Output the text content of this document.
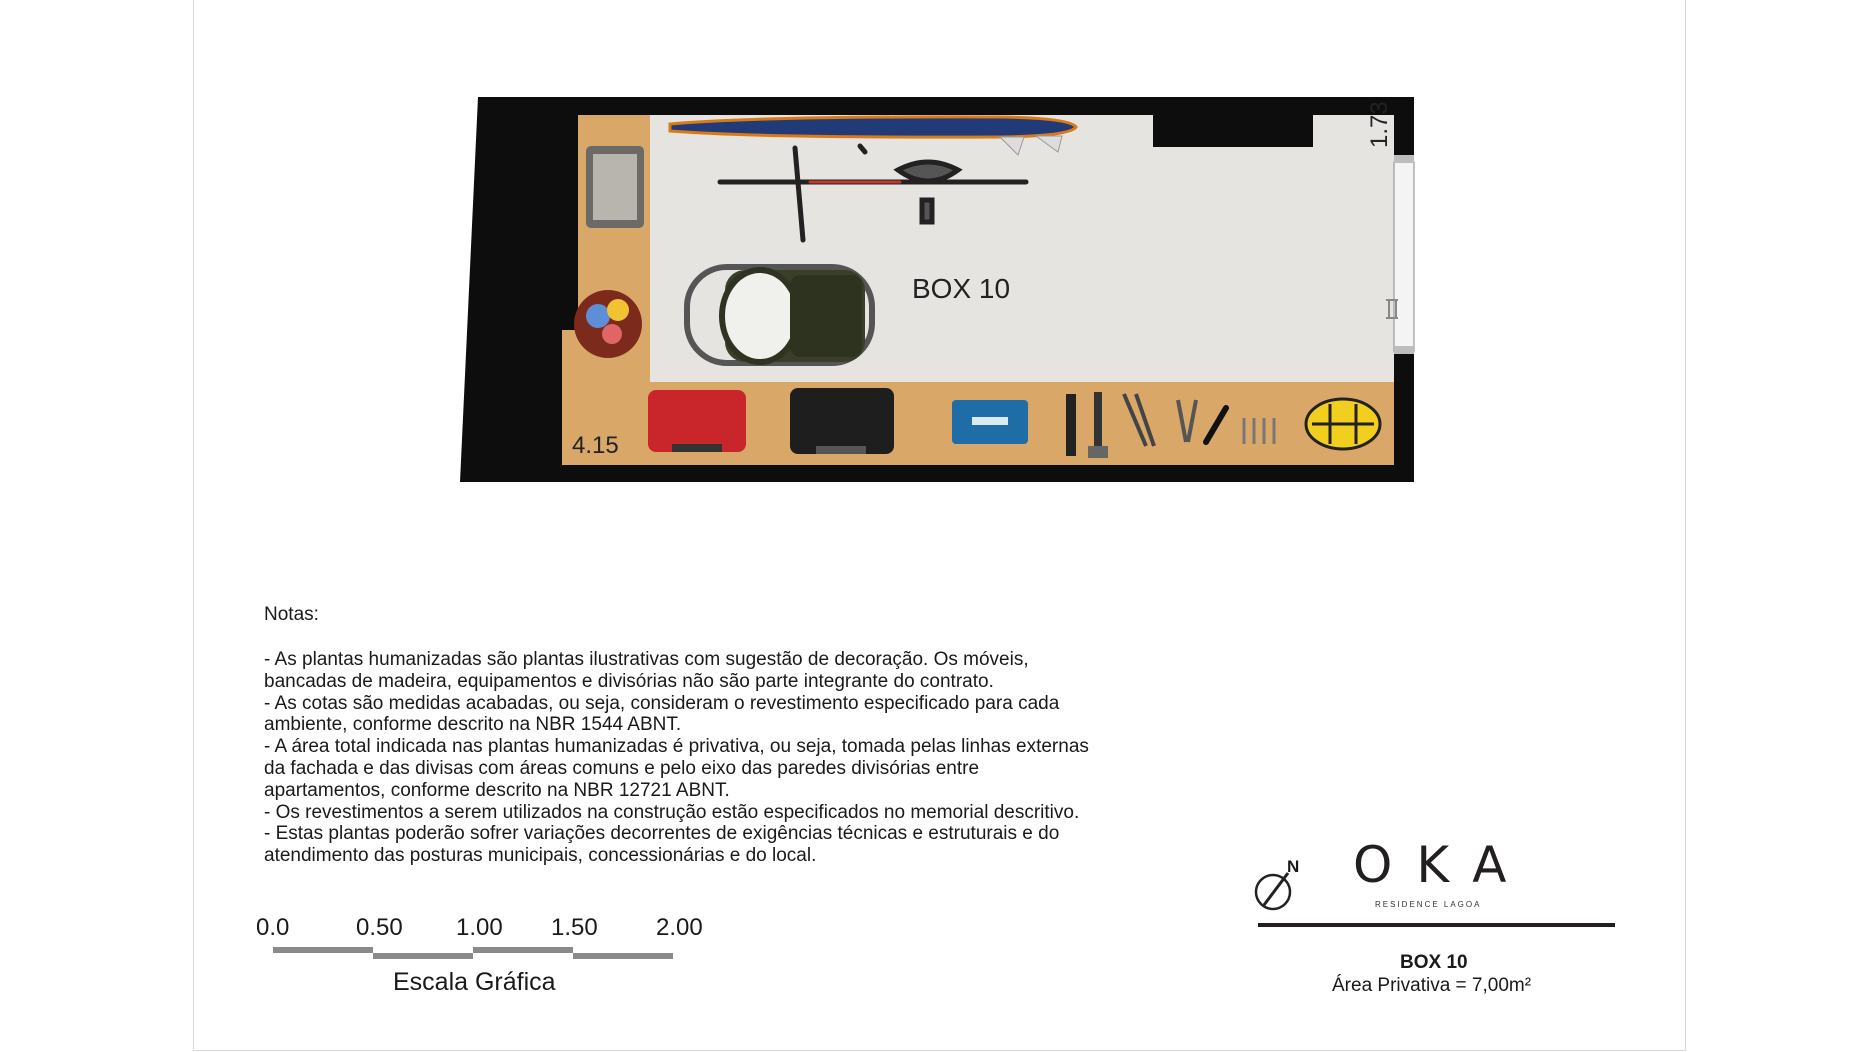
BOX 10
4.15
1.73
Notas:
- As plantas humanizadas são plantas ilustrativas com sugestão de decoração. Os móveis,
bancadas de madeira, equipamentos e divisórias não são parte integrante do contrato.
- As cotas são medidas acabadas, ou seja, consideram o revestimento especificado para cada
ambiente, conforme descrito na NBR 1544 ABNT.
- A área total indicada nas plantas humanizadas é privativa, ou seja, tomada pelas linhas externas
da fachada e das divisas com áreas comuns e pelo eixo das paredes divisórias entre
apartamentos, conforme descrito na NBR 12721 ABNT.
- Os revestimentos a serem utilizados na construção estão especificados no memorial descritivo.
- Estas plantas poderão sofrer variações decorrentes de exigências técnicas e estruturais e do
atendimento das posturas municipais, concessionárias e do local.
0.0	0.50 1.00 1.50 2.00
Escala Gráfica
N OKA
RESIDENCE LAGOA
BOX 10
Área Privativa = 7,00m²
